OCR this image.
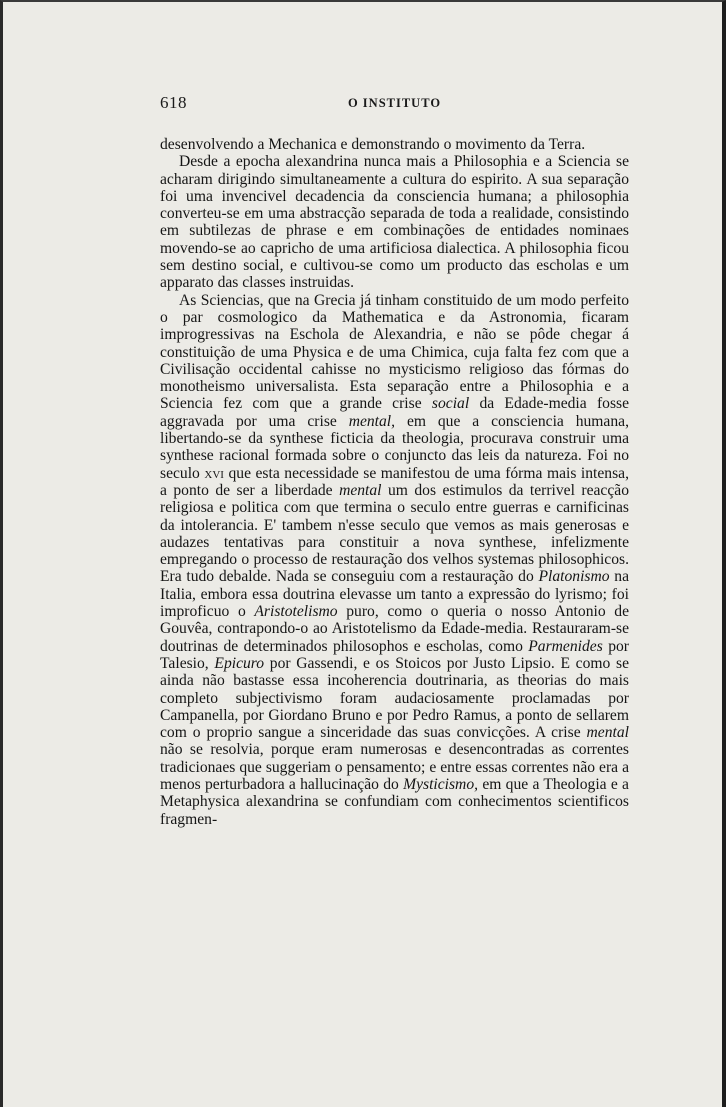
618	O INSTITUTO

desenvolvendo a Mechanica e demonstrando o movimento da Terra.

Desde a epocha alexandrina nunca mais a Philosophia e a Sciencia se acharam dirigindo simultaneamente a cultura do espirito. A sua separação foi uma invencivel decadencia da consciencia humana; a philosophia converteu-se em uma abstracção separada de toda a realidade, consistindo em subtilezas de phrase e em combinações de entidades nominaes movendo-se ao capricho de uma artificiosa dialectica. A philosophia ficou sem destino social, e cultivou-se como um producto das escholas e um apparato das classes instruidas.

As Sciencias, que na Grecia já tinham constituido de um modo perfeito o par cosmologico da Mathematica e da Astronomia, ficaram improgressivas na Eschola de Alexandria, e não se pôde chegar á constituição de uma Physica e de uma Chimica, cuja falta fez com que a Civilisação occidental cahisse no mysticismo religioso das fórmas do monotheismo universalista. Esta separação entre a Philosophia e a Sciencia fez com que a grande crise social da Edade-media fosse aggravada por uma crise mental, em que a consciencia humana, libertando-se da synthese ficticia da theologia, procurava construir uma synthese racional formada sobre o conjuncto das leis da natureza. Foi no seculo xvi que esta necessidade se manifestou de uma fórma mais intensa, a ponto de ser a liberdade mental um dos estimulos da terrivel reacção religiosa e politica com que termina o seculo entre guerras e carnificinas da intolerancia. E' tambem n'esse seculo que vemos as mais generosas e audazes tentativas para constituir a nova synthese, infelizmente empregando o processo de restauração dos velhos systemas philosophicos. Era tudo debalde. Nada se conseguiu com a restauração do Platonismo na Italia, embora essa doutrina elevasse um tanto a expressão do lyrismo; foi improficuo o Aristotelismo puro, como o queria o nosso Antonio de Gouvêa, contrapondo-o ao Aristotelismo da Edade-media. Restauraram-se doutrinas de determinados philosophos e escholas, como Parmenides por Talesio, Epicuro por Gassendi, e os Stoicos por Justo Lipsio. E como se ainda não bastasse essa incoherencia doutrinaria, as theorias do mais completo subjectivismo foram audaciosamente proclamadas por Campanella, por Giordano Bruno e por Pedro Ramus, a ponto de sellarem com o proprio sangue a sinceridade das suas convicções. A crise mental não se resolvia, porque eram numerosas e desencontradas as correntes tradicionaes que suggeriam o pensamento; e entre essas correntes não era a menos perturbadora a hallucinação do Mysticismo, em que a Theologia e a Metaphysica alexandrina se confundiam com conhecimentos scientificos fragmen-
